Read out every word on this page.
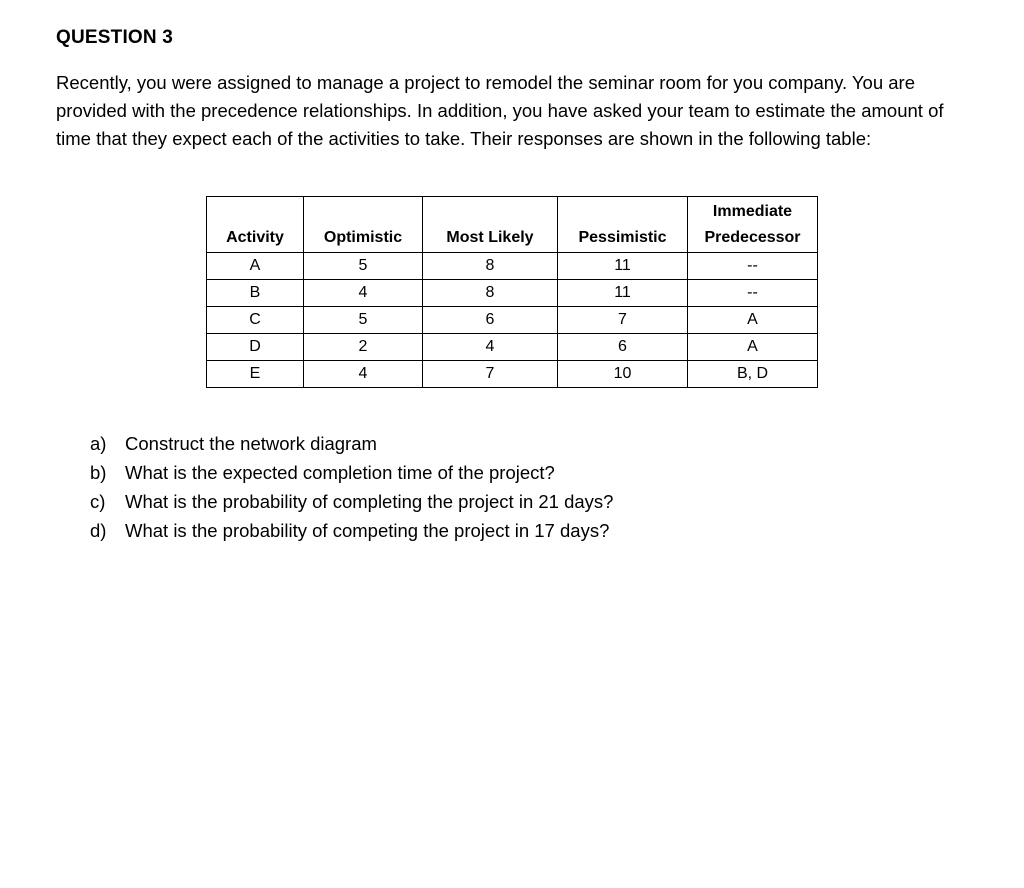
QUESTION 3
Recently, you were assigned to manage a project to remodel the seminar room for you company. You are provided with the precedence relationships. In addition, you have asked your team to estimate the amount of time that they expect each of the activities to take. Their responses are shown in the following table:
Activity	Optimistic	Most Likely	Pessimistic	Immediate Predecessor
A	5	8	11	--
B	4	8	11	--
C	5	6	7	A
D	2	4	6	A
E	4	7	10	B, D
a)	Construct the network diagram
b)	What is the expected completion time of the project?
c)	What is the probability of completing the project in 21 days?
d)	What is the probability of competing the project in 17 days?
